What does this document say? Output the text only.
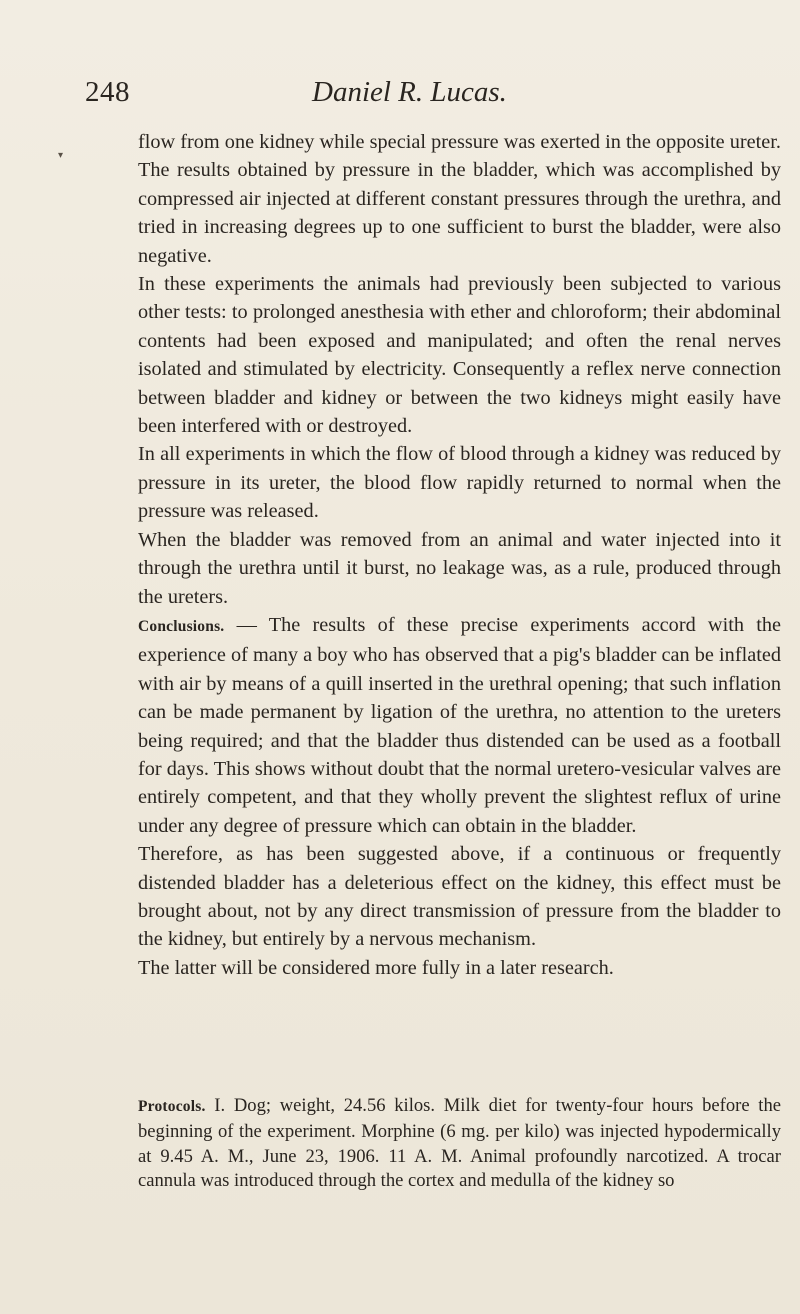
▾
248	Daniel R. Lucas.

flow from one kidney while special pressure was exerted in the opposite ureter. The results obtained by pressure in the bladder, which was accomplished by compressed air injected at different constant pressures through the urethra, and tried in increasing degrees up to one sufficient to burst the bladder, were also negative.

In these experiments the animals had previously been subjected to various other tests: to prolonged anesthesia with ether and chloroform; their abdominal contents had been exposed and manipulated; and often the renal nerves isolated and stimulated by electricity. Consequently a reflex nerve connection between bladder and kidney or between the two kidneys might easily have been interfered with or destroyed.

In all experiments in which the flow of blood through a kidney was reduced by pressure in its ureter, the blood flow rapidly returned to normal when the pressure was released.

When the bladder was removed from an animal and water injected into it through the urethra until it burst, no leakage was, as a rule, produced through the ureters.

Conclusions. — The results of these precise experiments accord with the experience of many a boy who has observed that a pig's bladder can be inflated with air by means of a quill inserted in the urethral opening; that such inflation can be made permanent by ligation of the urethra, no attention to the ureters being required; and that the bladder thus distended can be used as a football for days. This shows without doubt that the normal uretero-vesicular valves are entirely competent, and that they wholly prevent the slightest reflux of urine under any degree of pressure which can obtain in the bladder.

Therefore, as has been suggested above, if a continuous or frequently distended bladder has a deleterious effect on the kidney, this effect must be brought about, not by any direct transmission of pressure from the bladder to the kidney, but entirely by a nervous mechanism.

The latter will be considered more fully in a later research.

Protocols. I. Dog; weight, 24.56 kilos. Milk diet for twenty-four hours before the beginning of the experiment. Morphine (6 mg. per kilo) was injected hypodermically at 9.45 A. M., June 23, 1906. 11 A. M. Animal profoundly narcotized. A trocar cannula was introduced through the cortex and medulla of the kidney so
